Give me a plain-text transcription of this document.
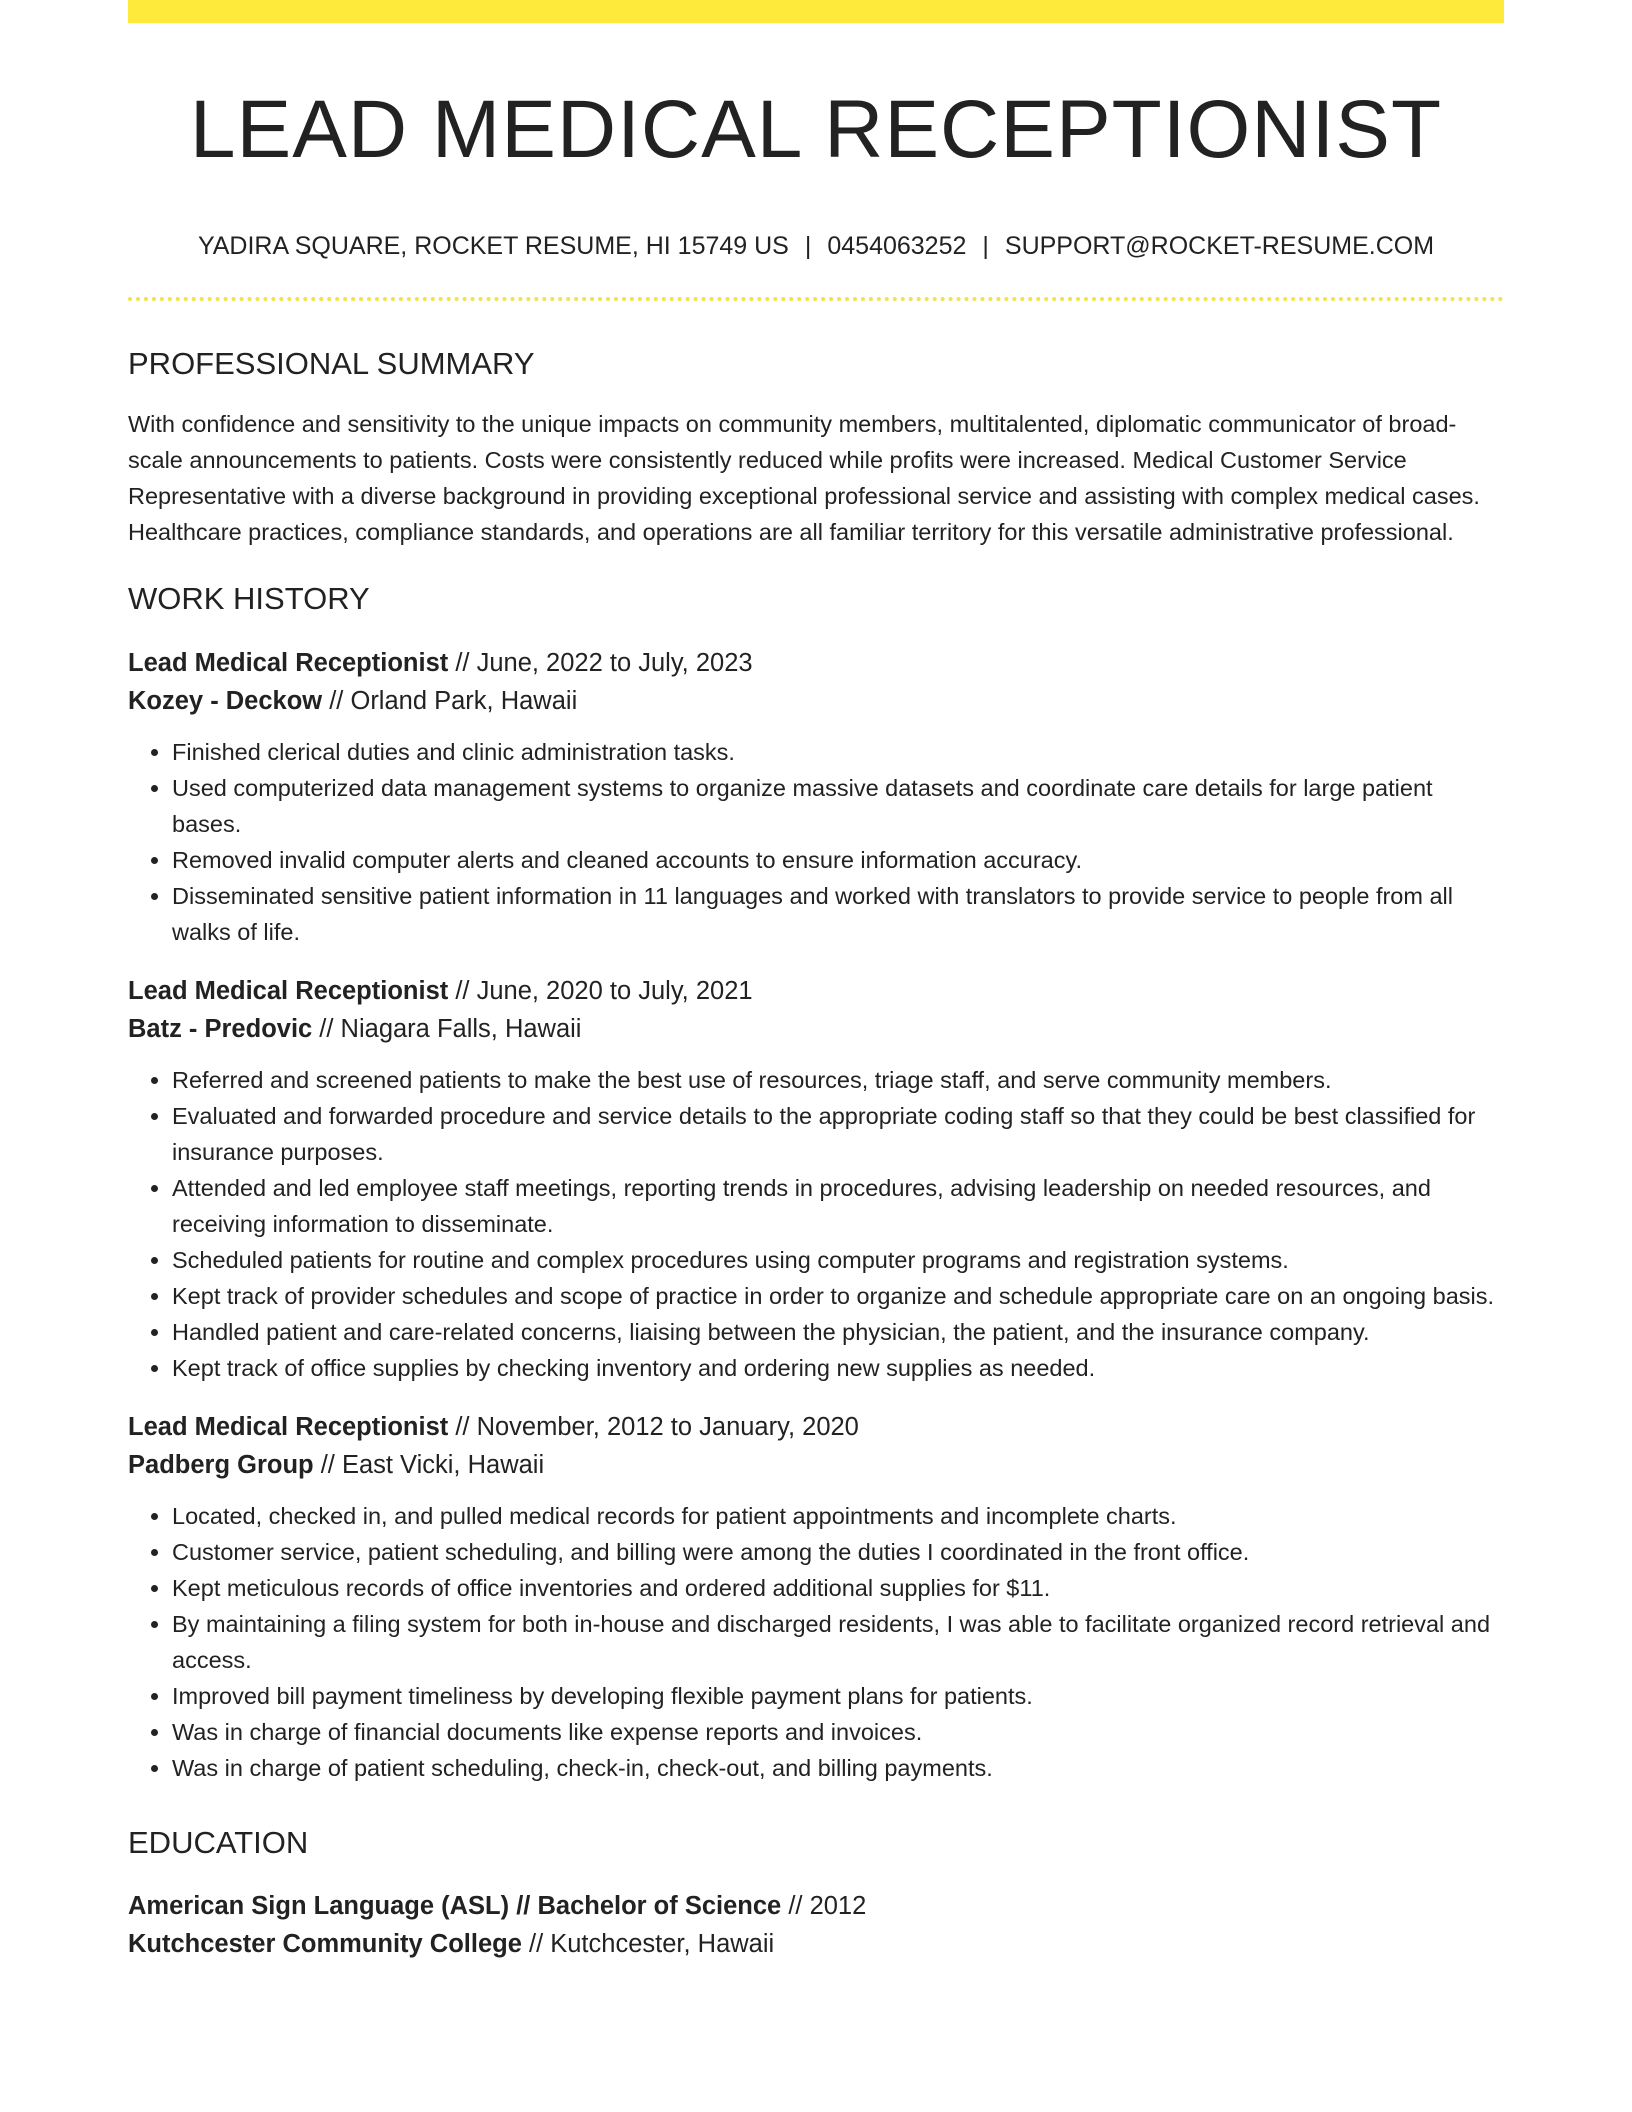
LEAD MEDICAL RECEPTIONIST
YADIRA SQUARE, ROCKET RESUME, HI 15749 US | 0454063252 | SUPPORT@ROCKET-RESUME.COM
PROFESSIONAL SUMMARY

With confidence and sensitivity to the unique impacts on community members, multitalented, diplomatic communicator of broad-scale announcements to patients. Costs were consistently reduced while profits were increased. Medical Customer Service Representative with a diverse background in providing exceptional professional service and assisting with complex medical cases. Healthcare practices, compliance standards, and operations are all familiar territory for this versatile administrative professional.

WORK HISTORY
Lead Medical Receptionist // June, 2022 to July, 2023
Kozey - Deckow // Orland Park, Hawaii
• Finished clerical duties and clinic administration tasks.
• Used computerized data management systems to organize massive datasets and coordinate care details for large patient bases.
• Removed invalid computer alerts and cleaned accounts to ensure information accuracy.
• Disseminated sensitive patient information in 11 languages and worked with translators to provide service to people from all walks of life.
Lead Medical Receptionist // June, 2020 to July, 2021
Batz - Predovic // Niagara Falls, Hawaii
• Referred and screened patients to make the best use of resources, triage staff, and serve community members.
• Evaluated and forwarded procedure and service details to the appropriate coding staff so that they could be best classified for insurance purposes.
• Attended and led employee staff meetings, reporting trends in procedures, advising leadership on needed resources, and receiving information to disseminate.
• Scheduled patients for routine and complex procedures using computer programs and registration systems.
• Kept track of provider schedules and scope of practice in order to organize and schedule appropriate care on an ongoing basis.
• Handled patient and care-related concerns, liaising between the physician, the patient, and the insurance company.
• Kept track of office supplies by checking inventory and ordering new supplies as needed.
Lead Medical Receptionist // November, 2012 to January, 2020
Padberg Group // East Vicki, Hawaii
• Located, checked in, and pulled medical records for patient appointments and incomplete charts.
• Customer service, patient scheduling, and billing were among the duties I coordinated in the front office.
• Kept meticulous records of office inventories and ordered additional supplies for $11.
• By maintaining a filing system for both in-house and discharged residents, I was able to facilitate organized record retrieval and access.
• Improved bill payment timeliness by developing flexible payment plans for patients.
• Was in charge of financial documents like expense reports and invoices.
• Was in charge of patient scheduling, check-in, check-out, and billing payments.
EDUCATION
American Sign Language (ASL) // Bachelor of Science // 2012
Kutchcester Community College // Kutchcester, Hawaii
